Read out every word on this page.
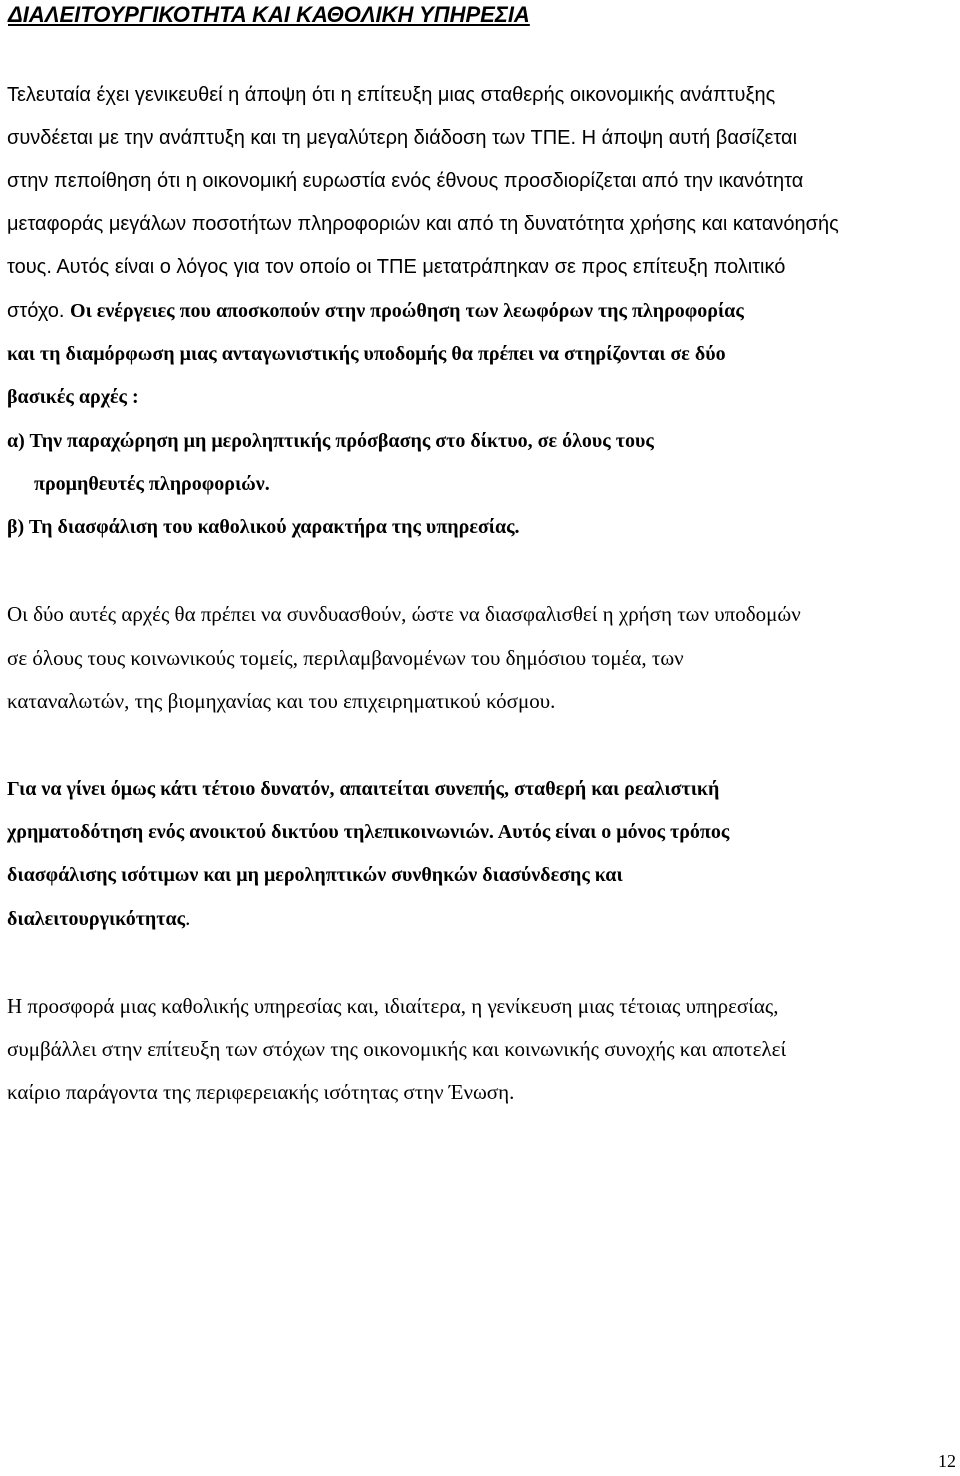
ΔΙΑΛΕΙΤΟΥΡΓΙΚΟΤΗΤΑ ΚΑΙ ΚΑΘΟΛΙΚΗ ΥΠΗΡΕΣΙΑ
Τελευταία έχει γενικευθεί η άποψη ότι η επίτευξη μιας σταθερής οικονομικής ανάπτυξης
συνδέεται με την ανάπτυξη και τη μεγαλύτερη διάδοση των ΤΠΕ. Η άποψη αυτή βασίζεται
στην πεποίθηση ότι η οικονομική ευρωστία ενός έθνους προσδιορίζεται από την ικανότητα
μεταφοράς μεγάλων ποσοτήτων πληροφοριών και από τη δυνατότητα χρήσης και κατανόησής
τους. Αυτός είναι ο λόγος για τον οποίο οι ΤΠΕ μετατράπηκαν σε προς επίτευξη πολιτικό
στόχο. Οι ενέργειες που αποσκοπούν στην προώθηση των λεωφόρων της πληροφορίας
και τη διαμόρφωση μιας ανταγωνιστικής υποδομής θα πρέπει να στηρίζονται σε δύο
βασικές αρχές :
α) Την παραχώρηση μη μεροληπτικής πρόσβασης στο δίκτυο, σε όλους τους
προμηθευτές πληροφοριών.
β) Τη διασφάλιση του καθολικού χαρακτήρα της υπηρεσίας.
Οι δύο αυτές αρχές θα πρέπει να συνδυασθούν, ώστε να διασφαλισθεί η χρήση των υποδομών
σε όλους τους κοινωνικούς τομείς, περιλαμβανομένων του δημόσιου τομέα, των
καταναλωτών, της βιομηχανίας και του επιχειρηματικού κόσμου.
Για να γίνει όμως κάτι τέτοιο δυνατόν, απαιτείται συνεπής, σταθερή και ρεαλιστική
χρηματοδότηση ενός ανοικτού δικτύου τηλεπικοινωνιών. Αυτός είναι ο μόνος τρόπος
διασφάλισης ισότιμων και μη μεροληπτικών συνθηκών διασύνδεσης και
διαλειτουργικότητας.
Η προσφορά μιας καθολικής υπηρεσίας και, ιδιαίτερα, η γενίκευση μιας τέτοιας υπηρεσίας,
συμβάλλει στην επίτευξη των στόχων της οικονομικής και κοινωνικής συνοχής και αποτελεί
καίριο παράγοντα της περιφερειακής ισότητας στην Ένωση.
12
